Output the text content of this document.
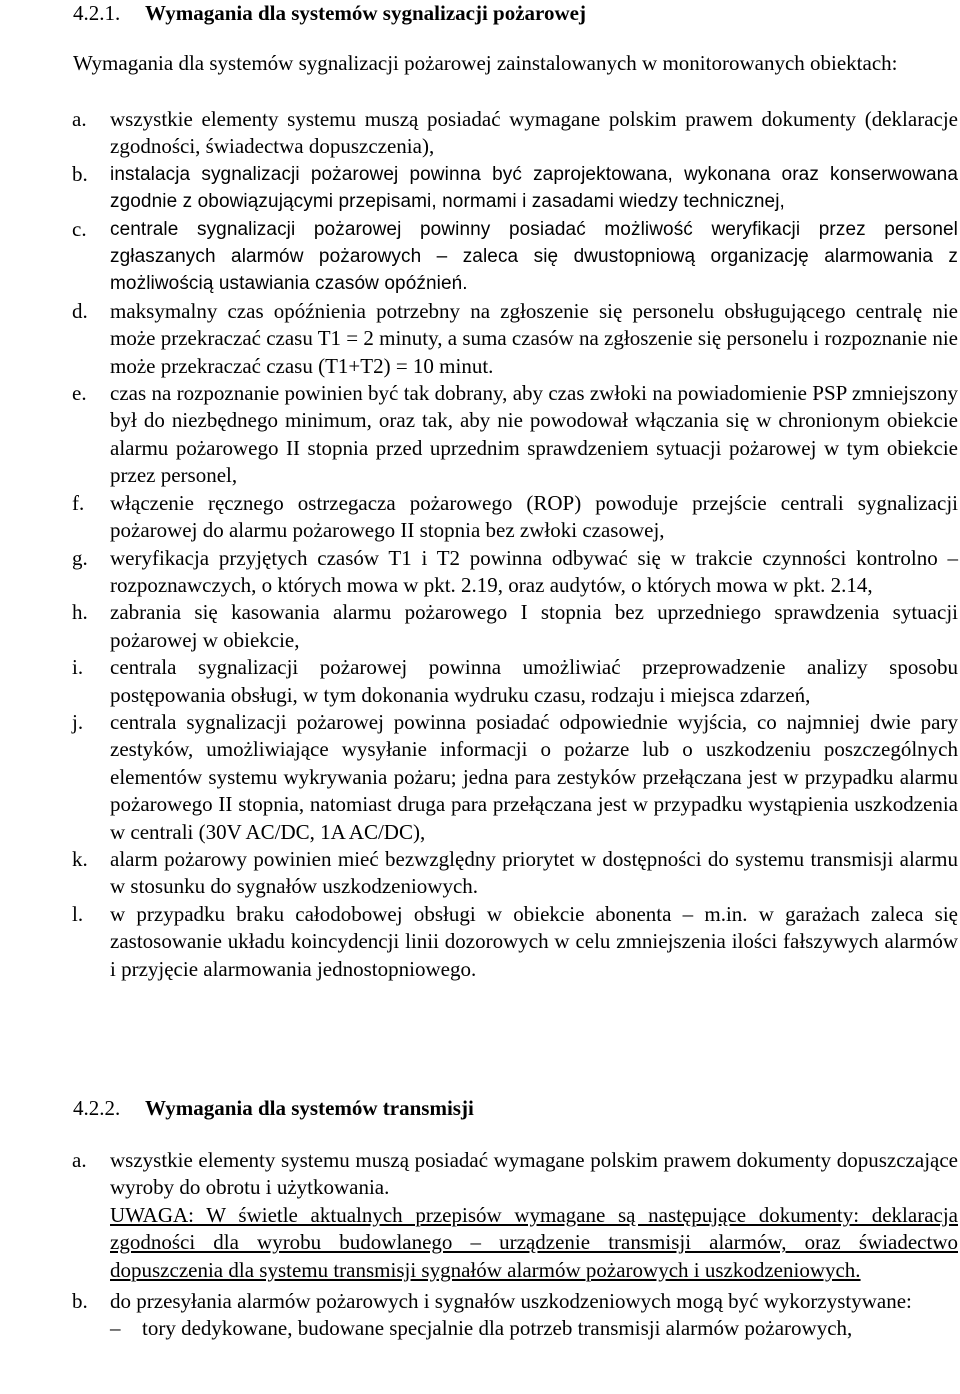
4.2.1. Wymagania dla systemów sygnalizacji pożarowej
Wymagania dla systemów sygnalizacji pożarowej zainstalowanych w monitorowanych obiektach:
a. wszystkie elementy systemu muszą posiadać wymagane polskim prawem dokumenty (deklaracje zgodności, świadectwa dopuszczenia),
b. instalacja sygnalizacji pożarowej powinna być zaprojektowana, wykonana oraz konserwowana zgodnie z obowiązującymi przepisami, normami i zasadami wiedzy technicznej,
c. centrale sygnalizacji pożarowej powinny posiadać możliwość weryfikacji przez personel zgłaszanych alarmów pożarowych – zaleca się dwustopniową organizację alarmowania z możliwością ustawiania czasów opóźnień.
d. maksymalny czas opóźnienia potrzebny na zgłoszenie się personelu obsługującego centralę nie może przekraczać czasu T1 = 2 minuty, a suma czasów na zgłoszenie się personelu i rozpoznanie nie może przekraczać czasu (T1+T2) = 10 minut.
e. czas na rozpoznanie powinien być tak dobrany, aby czas zwłoki na powiadomienie PSP zmniejszony był do niezbędnego minimum, oraz tak, aby nie powodował włączania się w chronionym obiekcie alarmu pożarowego II stopnia przed uprzednim sprawdzeniem sytuacji pożarowej w tym obiekcie przez personel,
f. włączenie ręcznego ostrzegacza pożarowego (ROP) powoduje przejście centrali sygnalizacji pożarowej do alarmu pożarowego II stopnia bez zwłoki czasowej,
g. weryfikacja przyjętych czasów T1 i T2 powinna odbywać się w trakcie czynności kontrolno – rozpoznawczych, o których mowa w pkt. 2.19, oraz audytów, o których mowa w pkt. 2.14,
h. zabrania się kasowania alarmu pożarowego I stopnia bez uprzedniego sprawdzenia sytuacji pożarowej w obiekcie,
i. centrala sygnalizacji pożarowej powinna umożliwiać przeprowadzenie analizy sposobu postępowania obsługi, w tym dokonania wydruku czasu, rodzaju i miejsca zdarzeń,
j. centrala sygnalizacji pożarowej powinna posiadać odpowiednie wyjścia, co najmniej dwie pary zestyków, umożliwiające wysyłanie informacji o pożarze lub o uszkodzeniu poszczególnych elementów systemu wykrywania pożaru; jedna para zestyków przełączana jest w przypadku alarmu pożarowego II stopnia, natomiast druga para przełączana jest w przypadku wystąpienia uszkodzenia w centrali (30V AC/DC, 1A AC/DC),
k. alarm pożarowy powinien mieć bezwzględny priorytet w dostępności do systemu transmisji alarmu w stosunku do sygnałów uszkodzeniowych.
l. w przypadku braku całodobowej obsługi w obiekcie abonenta – m.in. w garażach zaleca się zastosowanie układu koincydencji linii dozorowych w celu zmniejszenia ilości fałszywych alarmów i przyjęcie alarmowania jednostopniowego.
4.2.2. Wymagania dla systemów transmisji
a. wszystkie elementy systemu muszą posiadać wymagane polskim prawem dokumenty dopuszczające wyroby do obrotu i użytkowania.
UWAGA: W świetle aktualnych przepisów wymagane są następujące dokumenty: deklaracja zgodności dla wyrobu budowlanego – urządzenie transmisji alarmów, oraz świadectwo dopuszczenia dla systemu transmisji sygnałów alarmów pożarowych i uszkodzeniowych.
b. do przesyłania alarmów pożarowych i sygnałów uszkodzeniowych mogą być wykorzystywane:
– tory dedykowane, budowane specjalnie dla potrzeb transmisji alarmów pożarowych,
